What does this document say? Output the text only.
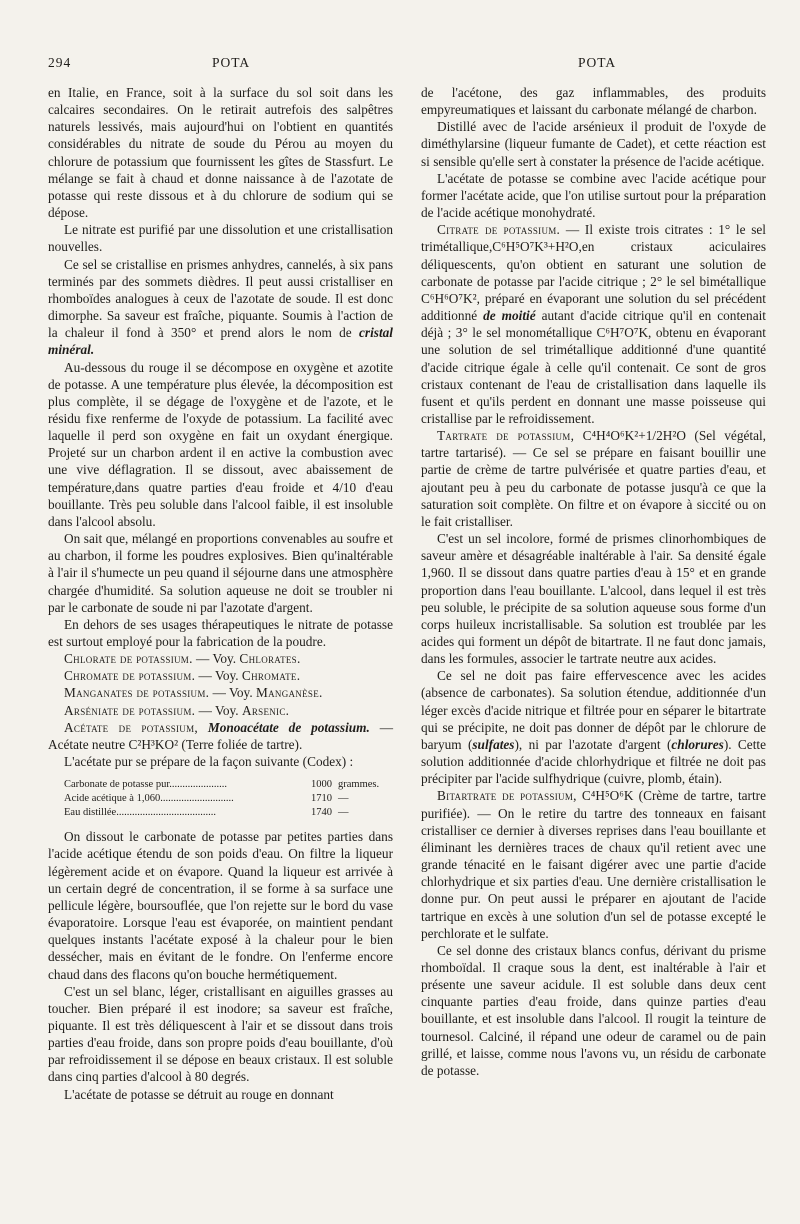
294	POTA	POTA

en Italie, en France, soit à la surface du sol soit dans les calcaires secondaires. On le retirait autrefois des salpêtres naturels lessivés, mais aujourd'hui on l'obtient en quantités considérables du nitrate de soude du Pérou au moyen du chlorure de potassium que fournissent les gîtes de Stassfurt. Le mélange se fait à chaud et donne naissance à de l'azotate de potasse qui reste dissous et à du chlorure de sodium qui se dépose.

Le nitrate est purifié par une dissolution et une cristallisation nouvelles.

Ce sel se cristallise en prismes anhydres, cannelés, à six pans terminés par des sommets dièdres. Il peut aussi cristalliser en rhomboïdes analogues à ceux de l'azotate de soude. Il est donc dimorphe. Sa saveur est fraîche, piquante. Soumis à l'action de la chaleur il fond à 350° et prend alors le nom de cristal minéral.

Au-dessous du rouge il se décompose en oxygène et azotite de potasse. A une température plus élevée, la décomposition est plus complète, il se dégage de l'oxygène et de l'azote, et le résidu fixe renferme de l'oxyde de potassium. La facilité avec laquelle il perd son oxygène en fait un oxydant énergique. Projeté sur un charbon ardent il en active la combustion avec une vive déflagration. Il se dissout, avec abaissement de température,dans quatre parties d'eau froide et 4/10 d'eau bouillante. Très peu soluble dans l'alcool faible, il est insoluble dans l'alcool absolu.

On sait que, mélangé en proportions convenables au soufre et au charbon, il forme les poudres explosives. Bien qu'inaltérable à l'air il s'humecte un peu quand il séjourne dans une atmosphère chargée d'humidité. Sa solution aqueuse ne doit se troubler ni par le carbonate de soude ni par l'azotate d'argent.

En dehors de ses usages thérapeutiques le nitrate de potasse est surtout employé pour la fabrication de la poudre.

Chlorate de potassium. — Voy. Chlorates.

Chromate de potassium. — Voy. Chromate.

Manganates de potassium. — Voy. Manganèse.

Arséniate de potassium. — Voy. Arsenic.

Acétate de potassium, Monoacétate de potassium. — Acétate neutre C²H³KO² (Terre foliée de tartre).

L'acétate pur se prépare de la façon suivante (Codex) :

Carbonate de potasse pur......................	1000 grammes.
Acide acétique à 1,060............................	1710 —
Eau distillée......................................	1740 —

On dissout le carbonate de potasse par petites parties dans l'acide acétique étendu de son poids d'eau. On filtre la liqueur légèrement acide et on évapore. Quand la liqueur est arrivée à un certain degré de concentration, il se forme à sa surface une pellicule légère, boursouflée, que l'on rejette sur le bord du vase évaporatoire. Lorsque l'eau est évaporée, on maintient pendant quelques instants l'acétate exposé à la chaleur pour le bien dessécher, mais en évitant de le fondre. On l'enferme encore chaud dans des flacons qu'on bouche hermétiquement.

C'est un sel blanc, léger, cristallisant en aiguilles grasses au toucher. Bien préparé il est inodore; sa saveur est fraîche, piquante. Il est très déliquescent à l'air et se dissout dans trois parties d'eau froide, dans son propre poids d'eau bouillante, d'où par refroidissement il se dépose en beaux cristaux. Il est soluble dans cinq parties d'alcool à 80 degrés.

L'acétate de potasse se détruit au rouge en donnant

de l'acétone, des gaz inflammables, des produits empyreumatiques et laissant du carbonate mélangé de charbon.

Distillé avec de l'acide arsénieux il produit de l'oxyde de diméthylarsine (liqueur fumante de Cadet), et cette réaction est si sensible qu'elle sert à constater la présence de l'acide acétique.

L'acétate de potasse se combine avec l'acide acétique pour former l'acétate acide, que l'on utilise surtout pour la préparation de l'acide acétique monohydraté.

Citrate de potassium. — Il existe trois citrates : 1° le sel trimétallique,C⁶H⁵O⁷K³+H²O,en cristaux aciculaires déliquescents, qu'on obtient en saturant une solution de carbonate de potasse par l'acide citrique ; 2° le sel bimétallique C⁶H⁶O⁷K², préparé en évaporant une solution du sel précédent additionné de moitié autant d'acide citrique qu'il en contenait déjà ; 3° le sel monométallique C⁶H⁷O⁷K, obtenu en évaporant une solution de sel trimétallique additionné d'une quantité d'acide citrique égale à celle qu'il contenait. Ce sont de gros cristaux contenant de l'eau de cristallisation dans laquelle ils fusent et qu'ils perdent en donnant une masse poisseuse qui cristallise par le refroidissement.

Tartrate de potassium, C⁴H⁴O⁶K²+1/2H²O (Sel végétal, tartre tartarisé). — Ce sel se prépare en faisant bouillir une partie de crème de tartre pulvérisée et quatre parties d'eau, et ajoutant peu à peu du carbonate de potasse jusqu'à ce que la saturation soit complète. On filtre et on évapore à siccité ou on le fait cristalliser.

C'est un sel incolore, formé de prismes clinorhombiques de saveur amère et désagréable inaltérable à l'air. Sa densité égale 1,960. Il se dissout dans quatre parties d'eau à 15° et en grande proportion dans l'eau bouillante. L'alcool, dans lequel il est très peu soluble, le précipite de sa solution aqueuse sous forme d'un corps huileux incristallisable. Sa solution est troublée par les acides qui forment un dépôt de bitartrate. Il ne faut donc jamais, dans les formules, associer le tartrate neutre aux acides.

Ce sel ne doit pas faire effervescence avec les acides (absence de carbonates). Sa solution étendue, additionnée d'un léger excès d'acide nitrique et filtrée pour en séparer le bitartrate qui se précipite, ne doit pas donner de dépôt par le chlorure de baryum (sulfates), ni par l'azotate d'argent (chlorures). Cette solution additionnée d'acide chlorhydrique et filtrée ne doit pas précipiter par l'acide sulfhydrique (cuivre, plomb, étain).

Bitartrate de potassium, C⁴H⁵O⁶K (Crème de tartre, tartre purifiée). — On le retire du tartre des tonneaux en faisant cristalliser ce dernier à diverses reprises dans l'eau bouillante et éliminant les dernières traces de chaux qu'il retient avec une grande ténacité en le faisant digérer avec une partie d'acide chlorhydrique et six parties d'eau. Une dernière cristallisation le donne pur. On peut aussi le préparer en ajoutant de l'acide tartrique en excès à une solution d'un sel de potasse excepté le perchlorate et le sulfate.

Ce sel donne des cristaux blancs confus, dérivant du prisme rhomboïdal. Il craque sous la dent, est inaltérable à l'air et présente une saveur acidule. Il est soluble dans deux cent cinquante parties d'eau froide, dans quinze parties d'eau bouillante, et est insoluble dans l'alcool. Il rougit la teinture de tournesol. Calciné, il répand une odeur de caramel ou de pain grillé, et laisse, comme nous l'avons vu, un résidu de carbonate de potasse.
